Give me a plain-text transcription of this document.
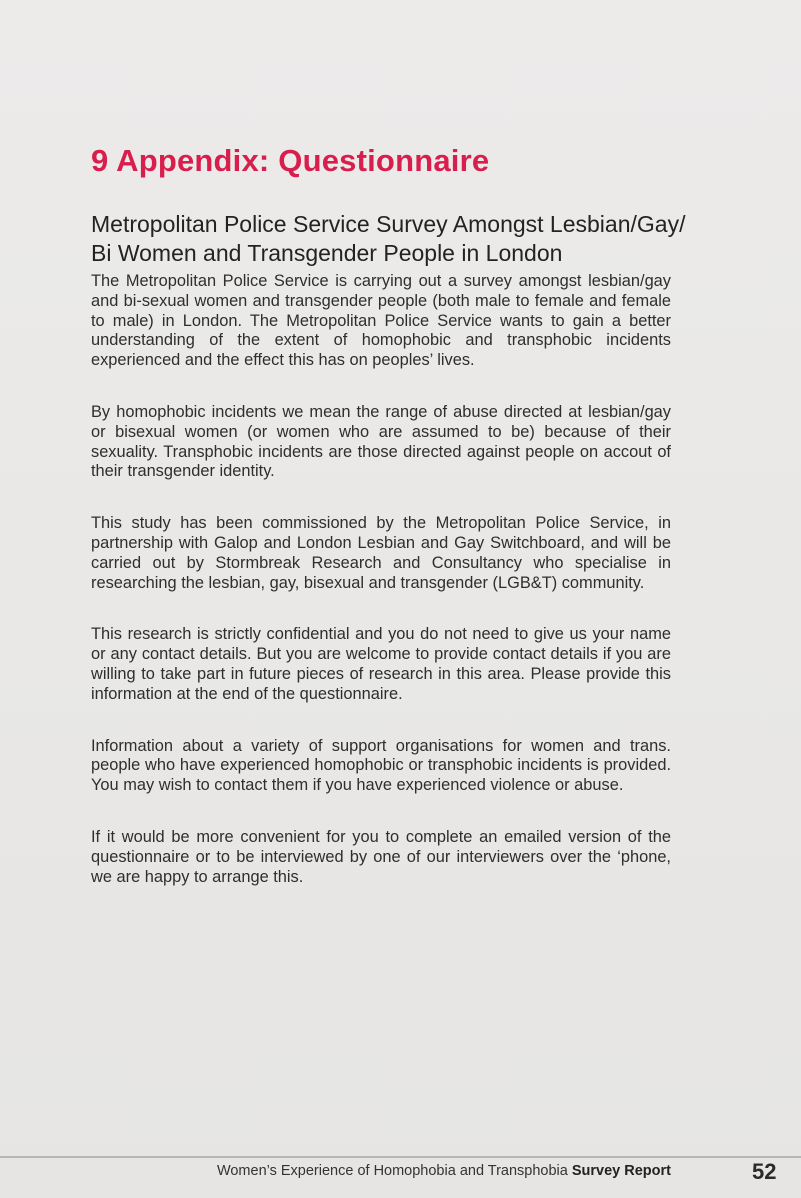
9 Appendix: Questionnaire
Metropolitan Police Service Survey Amongst Lesbian/Gay/
Bi Women and Transgender People in London

The Metropolitan Police Service is carrying out a survey amongst lesbian/gay and bi-sexual women and transgender people (both male to female and female to male) in London. The Metropolitan Police Service wants to gain a better understanding of the extent of homophobic and transphobic incidents experienced and the effect this has on peoples’ lives.

By homophobic incidents we mean the range of abuse directed at lesbian/gay or bisexual women (or women who are assumed to be) because of their sexuality. Transphobic incidents are those directed against people on accout of their transgender identity.

This study has been commissioned by the Metropolitan Police Service, in partnership with Galop and London Lesbian and Gay Switchboard, and will be carried out by Stormbreak Research and Consultancy who specialise in researching the lesbian, gay, bisexual and transgender (LGB&T) community.

This research is strictly confidential and you do not need to give us your name or any contact details. But you are welcome to provide contact details if you are willing to take part in future pieces of research in this area. Please provide this information at the end of the questionnaire.

Information about a variety of support organisations for women and trans. people who have experienced homophobic or transphobic incidents is provided. You may wish to contact them if you have experienced violence or abuse.

If it would be more convenient for you to complete an emailed version of the questionnaire or to be interviewed by one of our interviewers over the ‘phone, we are happy to arrange this.

Women’s Experience of Homophobia and Transphobia Survey Report	52
